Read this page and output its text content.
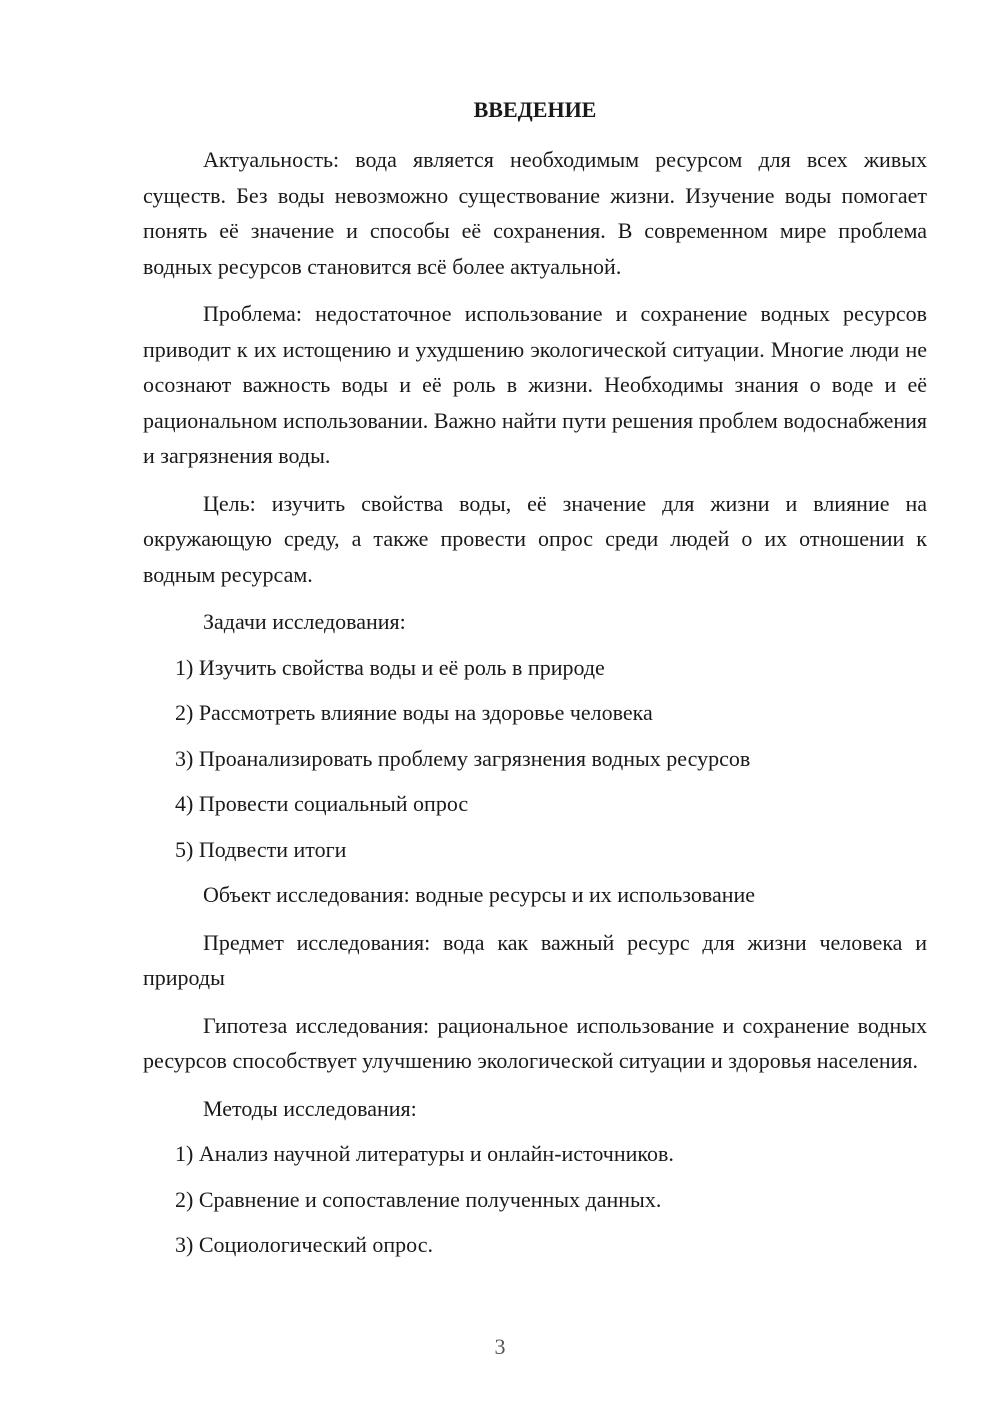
ВВЕДЕНИЕ

Актуальность: вода является необходимым ресурсом для всех живых существ. Без воды невозможно существование жизни. Изучение воды помогает понять её значение и способы её сохранения. В современном мире проблема водных ресурсов становится всё более актуальной.

Проблема: недостаточное использование и сохранение водных ресурсов приводит к их истощению и ухудшению экологической ситуации. Многие люди не осознают важность воды и её роль в жизни. Необходимы знания о воде и её рациональном использовании. Важно найти пути решения проблем водоснабжения и загрязнения воды.

Цель: изучить свойства воды, её значение для жизни и влияние на окружающую среду, а также провести опрос среди людей о их отношении к водным ресурсам.

Задачи исследования:

1) Изучить свойства воды и её роль в природе
2) Рассмотреть влияние воды на здоровье человека
3) Проанализировать проблему загрязнения водных ресурсов
4) Провести социальный опрос
5) Подвести итоги

Объект исследования: водные ресурсы и их использование

Предмет исследования: вода как важный ресурс для жизни человека и природы

Гипотеза исследования: рациональное использование и сохранение водных ресурсов способствует улучшению экологической ситуации и здоровья населения.

Методы исследования:

1) Анализ научной литературы и онлайн-источников.
2) Сравнение и сопоставление полученных данных.
3) Социологический опрос.
3
